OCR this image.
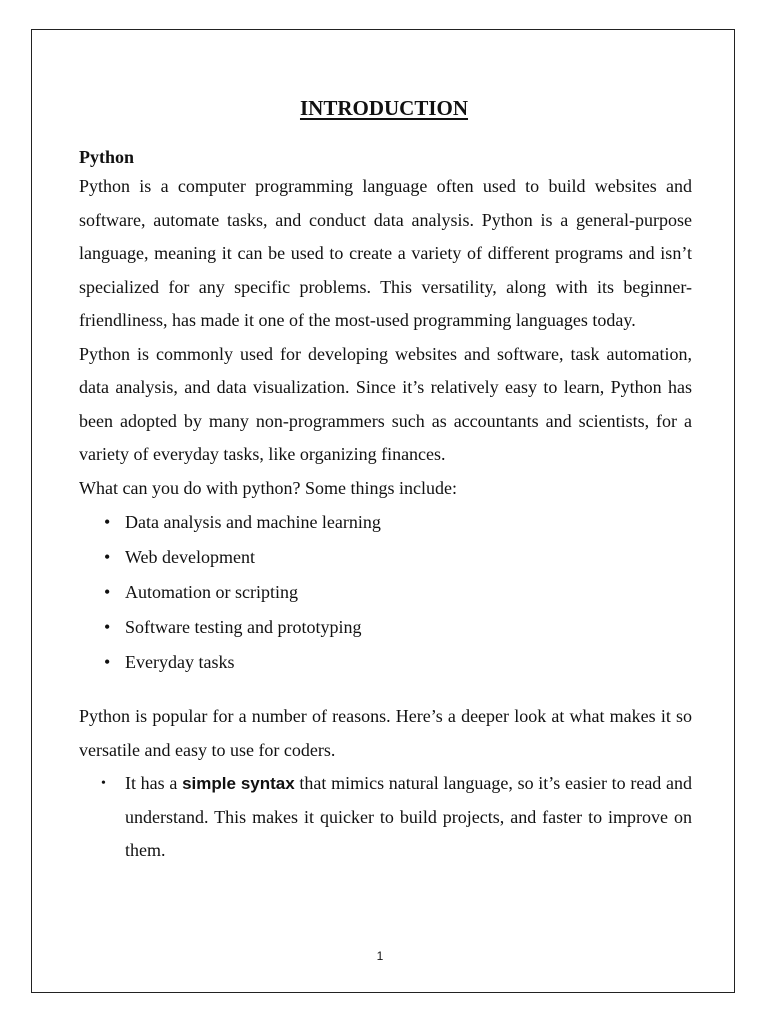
INTRODUCTION
Python

Python is a computer programming language often used to build websites and software, automate tasks, and conduct data analysis. Python is a general-purpose language, meaning it can be used to create a variety of different programs and isn’t specialized for any specific problems. This versatility, along with its beginner-friendliness, has made it one of the most-used programming languages today.

Python is commonly used for developing websites and software, task automation, data analysis, and data visualization. Since it’s relatively easy to learn, Python has been adopted by many non-programmers such as accountants and scientists, for a variety of everyday tasks, like organizing finances.

What can you do with python? Some things include:

• Data analysis and machine learning
• Web development
• Automation or scripting
• Software testing and prototyping
• Everyday tasks

Python is popular for a number of reasons. Here’s a deeper look at what makes it so versatile and easy to use for coders.

• It has a simple syntax that mimics natural language, so it’s easier to read and understand. This makes it quicker to build projects, and faster to improve on them.
1
